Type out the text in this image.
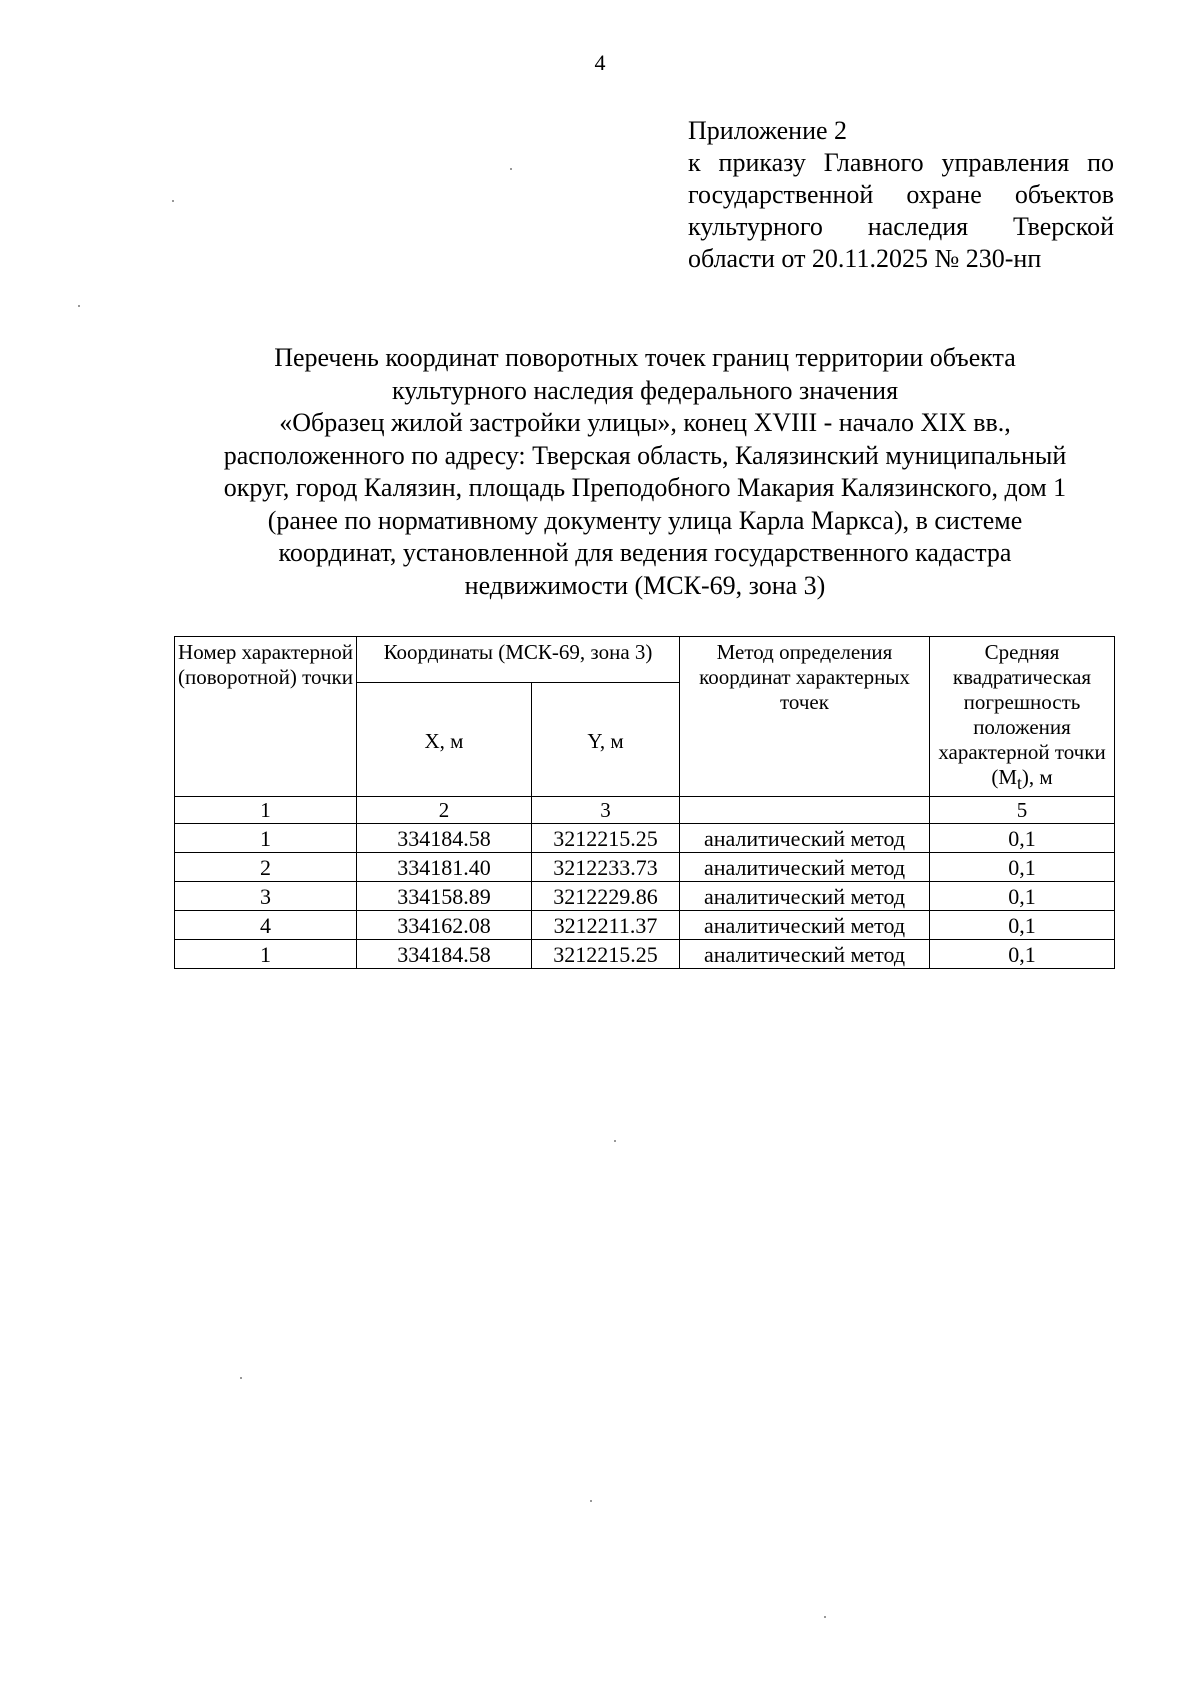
4
Приложение 2
к приказу Главного управления по государственной охране объектов культурного наследия Тверской области от 20.11.2025 № 230-нп
Перечень координат поворотных точек границ территории объекта
культурного наследия федерального значения
«Образец жилой застройки улицы», конец XVIII - начало XIX вв.,
расположенного по адресу: Тверская область, Калязинский муниципальный
округ, город Калязин, площадь Преподобного Макария Калязинского, дом 1
(ранее по нормативному документу улица Карла Маркса), в системе
координат, установленной для ведения государственного кадастра
недвижимости (МСК-69, зона 3)
Номер характерной (поворотной) точки	Координаты (МСК-69, зона 3)		Метод определения координат характерных точек	Средняя квадратическая погрешность положения характерной точки $(M_t)$, м
	X, м	Y, м		
1	2	3		5
1	334184.58	3212215.25	аналитический метод	0,1
2	334181.40	3212233.73	аналитический метод	0,1
3	334158.89	3212229.86	аналитический метод	0,1
4	334162.08	3212211.37	аналитический метод	0,1
1	334184.58	3212215.25	аналитический метод	0,1
